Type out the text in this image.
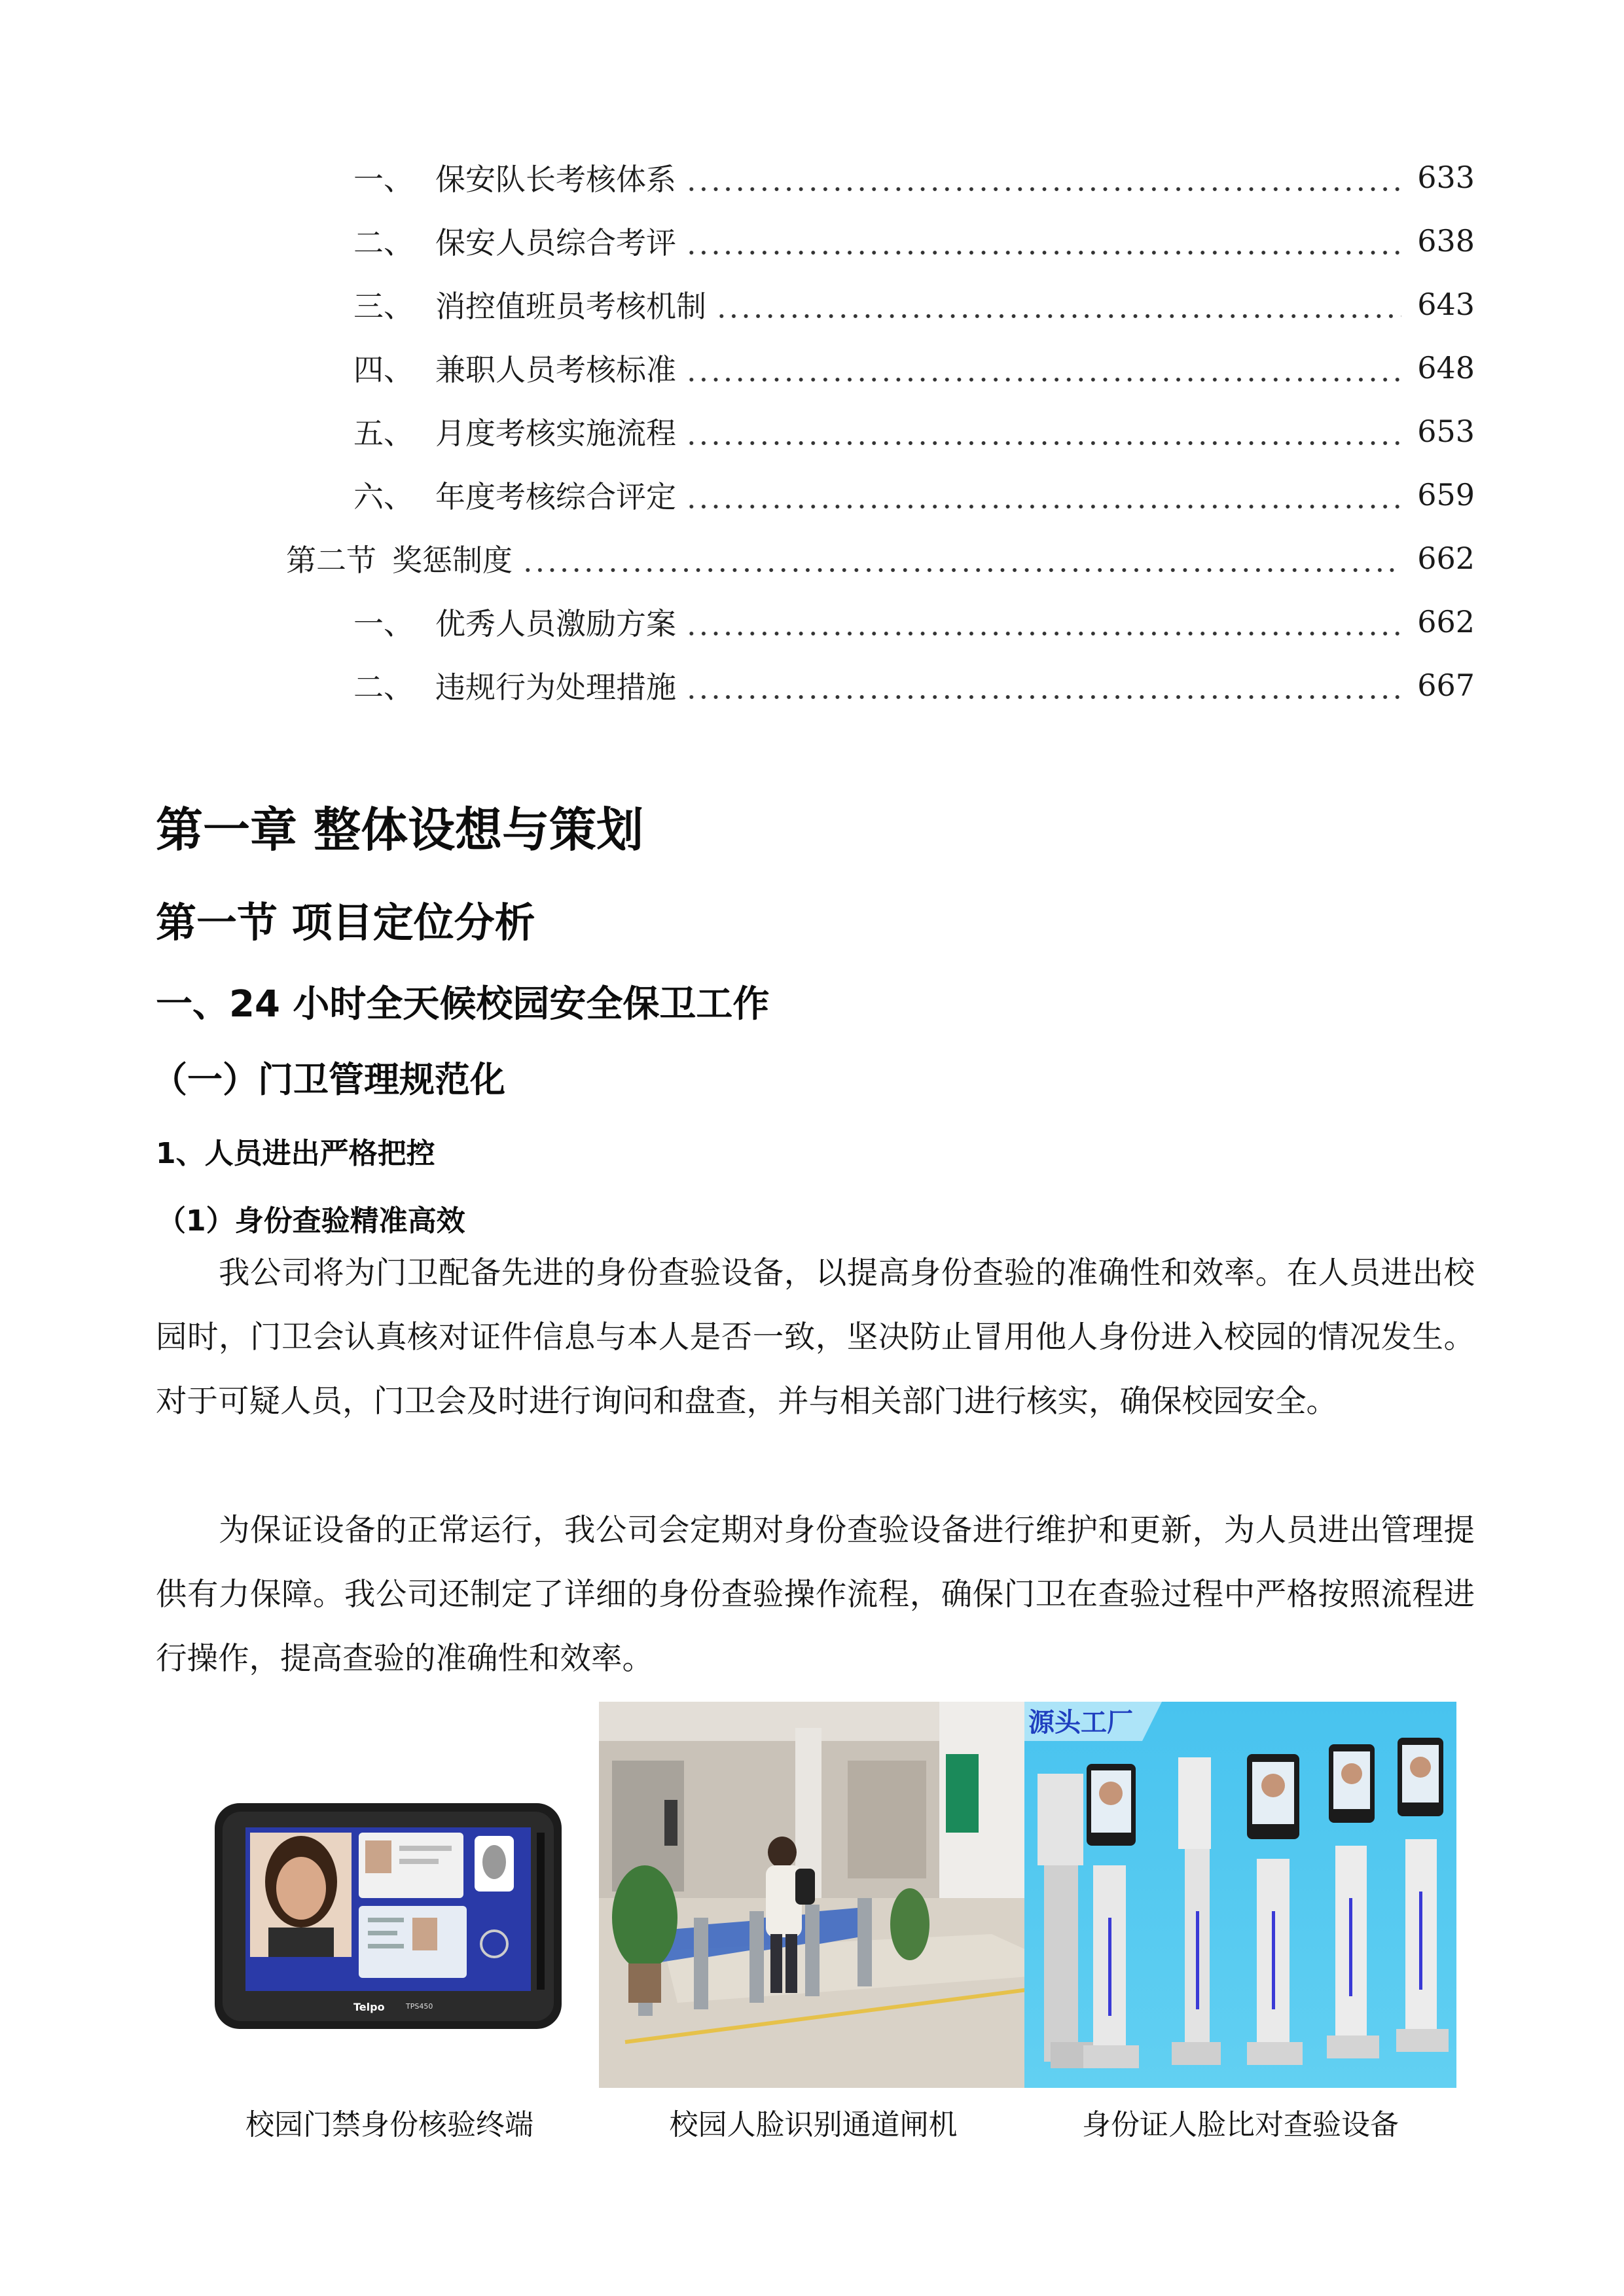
一、 保安队长考核体系	633
二、 保安人员综合考评	638
三、 消控值班员考核机制	643
四、 兼职人员考核标准	648
五、 月度考核实施流程	653
六、 年度考核综合评定	659
第二节 奖惩制度	662
一、 优秀人员激励方案	662
二、 违规行为处理措施	667
第一章 整体设想与策划
第一节 项目定位分析
一、24 小时全天候校园安全保卫工作
（一）门卫管理规范化
1、人员进出严格把控
（1）身份查验精准高效

我公司将为门卫配备先进的身份查验设备，以提高身份查验的准确性和效率。在人员进出校园时，门卫会认真核对证件信息与本人是否一致，坚决防止冒用他人身份进入校园的情况发生。对于可疑人员，门卫会及时进行询问和盘查，并与相关部门进行核实，确保校园安全。

为保证设备的正常运行，我公司会定期对身份查验设备进行维护和更新，为人员进出管理提供有力保障。我公司还制定了详细的身份查验操作流程，确保门卫在查验过程中严格按照流程进行操作，提高查验的准确性和效率。

Telpo	TPS450
源头工厂
校园门禁身份核验终端	校园人脸识别通道闸机	身份证人脸比对查验设备
